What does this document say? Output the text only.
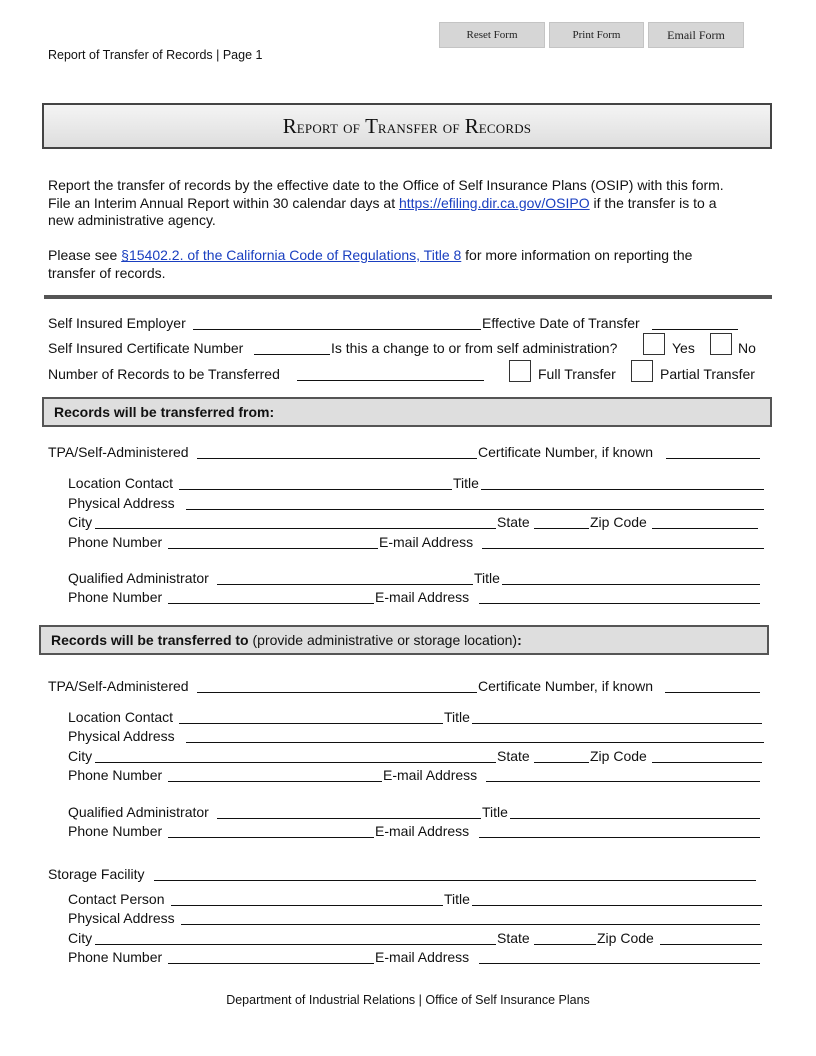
Reset Form	Print Form	Email Form
Report of Transfer of Records | Page 1
Report of Transfer of Records
Report the transfer of records by the effective date to the Office of Self Insurance Plans (OSIP) with this form.
File an Interim Annual Report within 30 calendar days at https://efiling.dir.ca.gov/OSIPO if the transfer is to a
new administrative agency.
Please see §15402.2. of the California Code of Regulations, Title 8 for more information on reporting the
transfer of records.
Self Insured Employer	Effective Date of Transfer
Self Insured Certificate Number	Is this a change to or from self administration?	Yes	No
Number of Records to be Transferred	Full Transfer	Partial Transfer
Records will be transferred from:
TPA/Self-Administered	Certificate Number, if known
Location Contact	Title
Physical Address
City	State	Zip Code
Phone Number	E-mail Address
Qualified Administrator	Title
Phone Number	E-mail Address
Records will be transferred to (provide administrative or storage location):
TPA/Self-Administered	Certificate Number, if known
Location Contact	Title
Physical Address
City	State	Zip Code
Phone Number	E-mail Address
Qualified Administrator	Title
Phone Number	E-mail Address
Storage Facility
Contact Person	Title
Physical Address
City	State	Zip Code
Phone Number	E-mail Address
Department of Industrial Relations | Office of Self Insurance Plans
